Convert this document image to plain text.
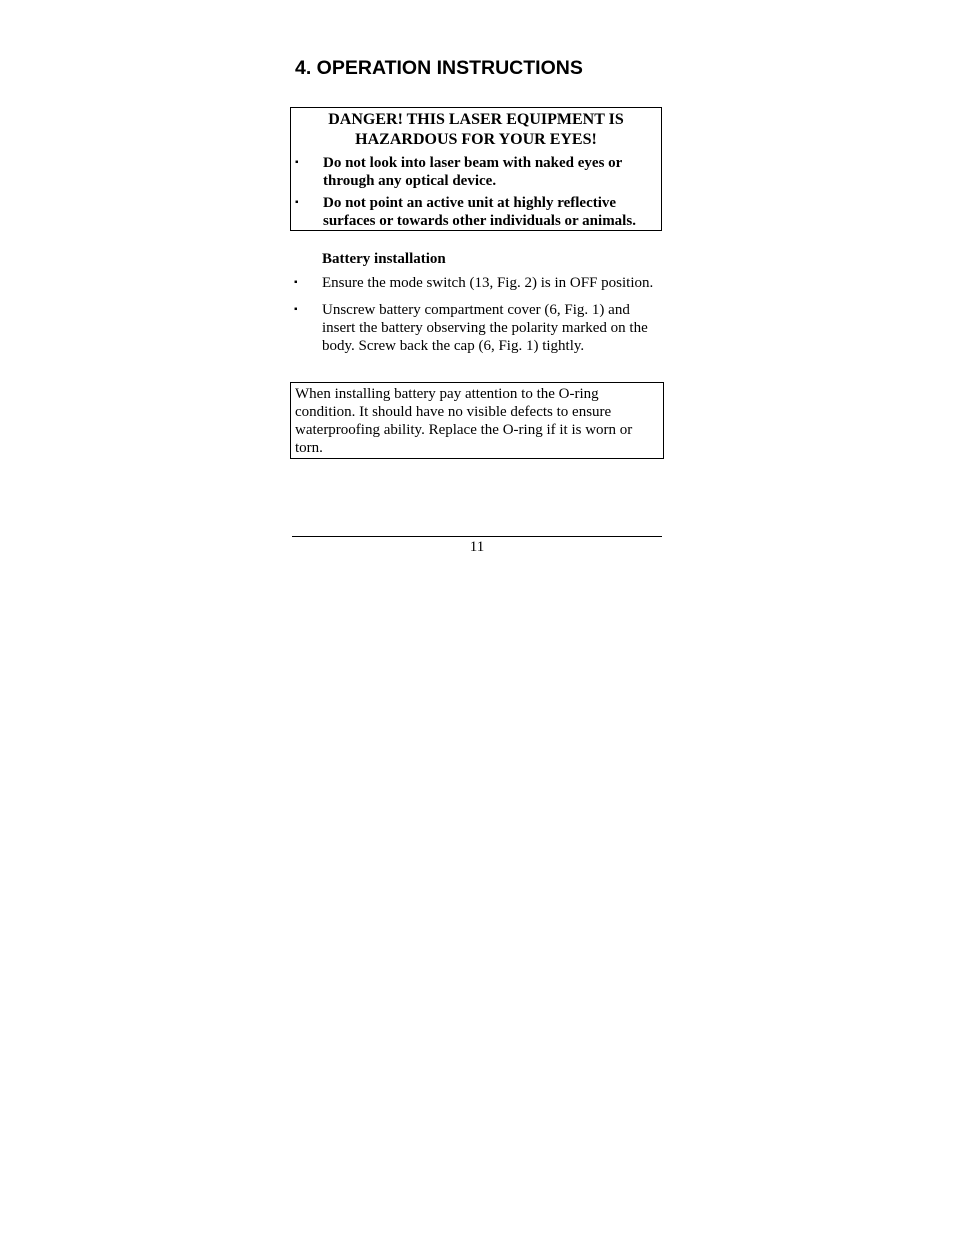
4. OPERATION INSTRUCTIONS
DANGER! THIS LASER EQUIPMENT IS
HAZARDOUS FOR YOUR EYES!
▪ Do not look into laser beam with naked eyes or through any optical device.
▪ Do not point an active unit at highly reflective surfaces or towards other individuals or animals.
Battery installation
▪ Ensure the mode switch (13, Fig. 2) is in OFF position.
▪ Unscrew battery compartment cover (6, Fig. 1) and insert the battery observing the polarity marked on the body. Screw back the cap (6, Fig. 1) tightly.
When installing battery pay attention to the O-ring condition. It should have no visible defects to ensure waterproofing ability. Replace the O-ring if it is worn or torn.
11
